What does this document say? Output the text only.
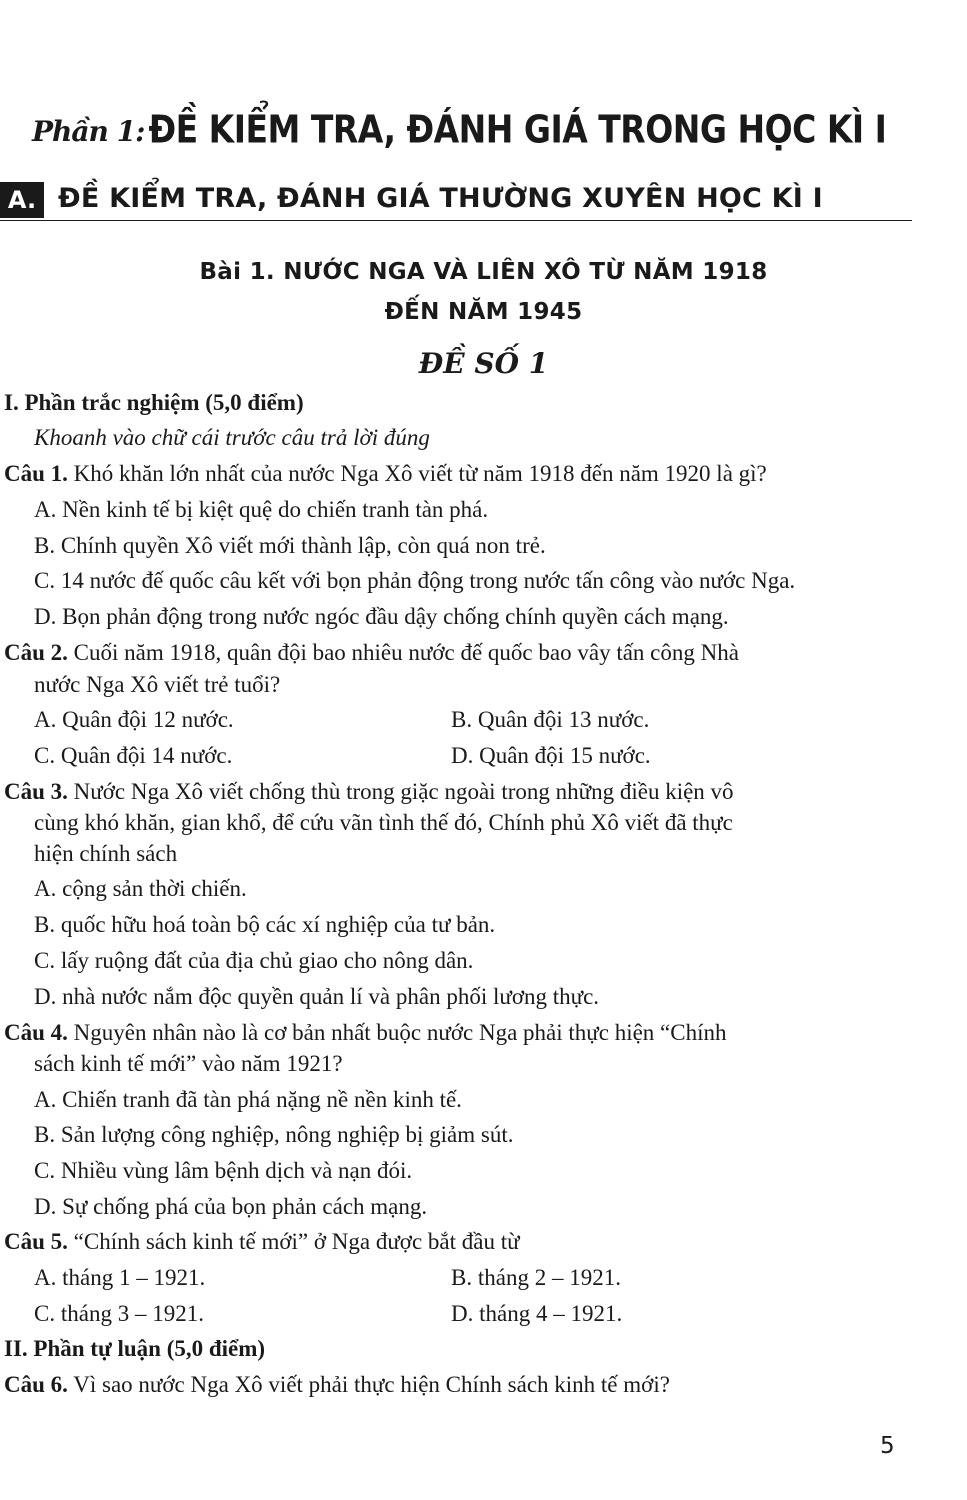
Phần 1: ĐỀ KIỂM TRA, ĐÁNH GIÁ TRONG HỌC KÌ I
A. ĐỀ KIỂM TRA, ĐÁNH GIÁ THƯỜNG XUYÊN HỌC KÌ I
Bài 1. NƯỚC NGA VÀ LIÊN XÔ TỪ NĂM 1918
ĐẾN NĂM 1945
ĐỀ SỐ 1
I. Phần trắc nghiệm (5,0 điểm)
Khoanh vào chữ cái trước câu trả lời đúng
Câu 1. Khó khăn lớn nhất của nước Nga Xô viết từ năm 1918 đến năm 1920 là gì?
A. Nền kinh tế bị kiệt quệ do chiến tranh tàn phá.
B. Chính quyền Xô viết mới thành lập, còn quá non trẻ.
C. 14 nước đế quốc câu kết với bọn phản động trong nước tấn công vào nước Nga.
D. Bọn phản động trong nước ngóc đầu dậy chống chính quyền cách mạng.
Câu 2. Cuối năm 1918, quân đội bao nhiêu nước đế quốc bao vây tấn công Nhà
nước Nga Xô viết trẻ tuổi?
A. Quân đội 12 nước.	B. Quân đội 13 nước.
C. Quân đội 14 nước.	D. Quân đội 15 nước.
Câu 3. Nước Nga Xô viết chống thù trong giặc ngoài trong những điều kiện vô
cùng khó khăn, gian khổ, để cứu vãn tình thế đó, Chính phủ Xô viết đã thực
hiện chính sách
A. cộng sản thời chiến.
B. quốc hữu hoá toàn bộ các xí nghiệp của tư bản.
C. lấy ruộng đất của địa chủ giao cho nông dân.
D. nhà nước nắm độc quyền quản lí và phân phối lương thực.
Câu 4. Nguyên nhân nào là cơ bản nhất buộc nước Nga phải thực hiện “Chính
sách kinh tế mới” vào năm 1921?
A. Chiến tranh đã tàn phá nặng nề nền kinh tế.
B. Sản lượng công nghiệp, nông nghiệp bị giảm sút.
C. Nhiều vùng lâm bệnh dịch và nạn đói.
D. Sự chống phá của bọn phản cách mạng.
Câu 5. “Chính sách kinh tế mới” ở Nga được bắt đầu từ
A. tháng 1 – 1921.	B. tháng 2 – 1921.
C. tháng 3 – 1921.	D. tháng 4 – 1921.
II. Phần tự luận (5,0 điểm)
Câu 6. Vì sao nước Nga Xô viết phải thực hiện Chính sách kinh tế mới?
5
